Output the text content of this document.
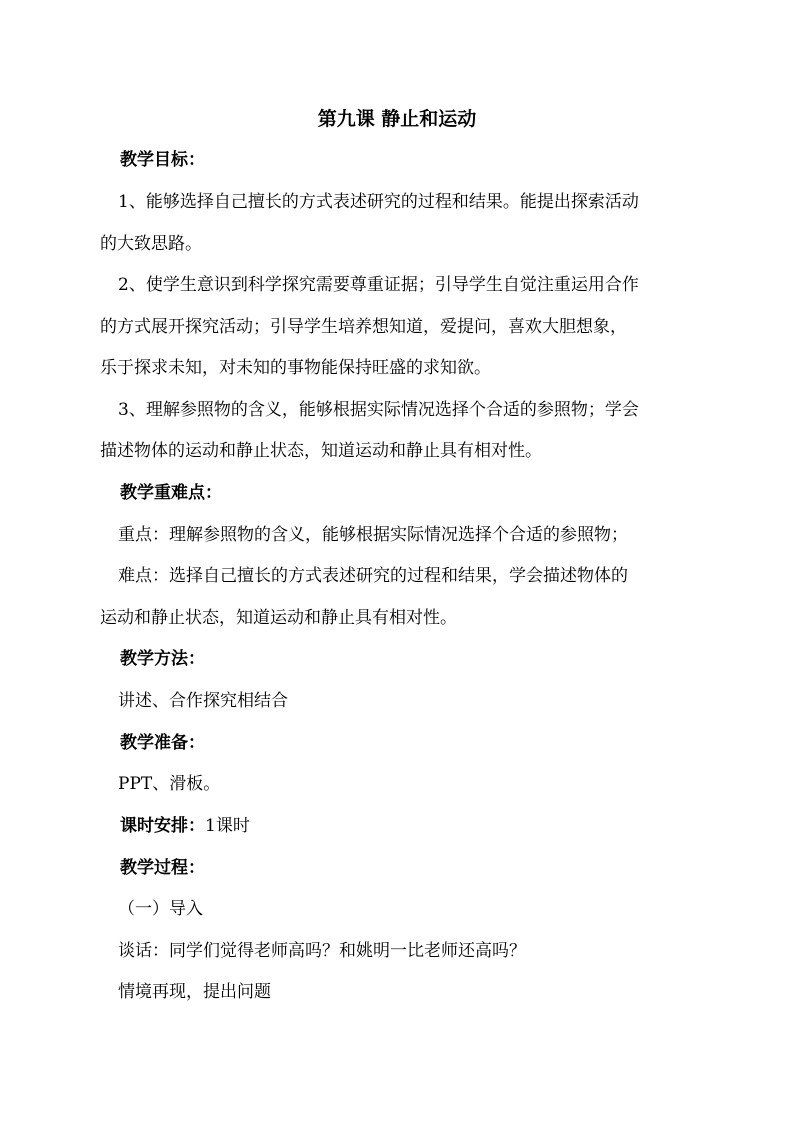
第九课 静止和运动
教学目标：
1、能够选择自己擅长的方式表述研究的过程和结果。能提出探索活动
的大致思路。
2、使学生意识到科学探究需要尊重证据；引导学生自觉注重运用合作
的方式展开探究活动；引导学生培养想知道，爱提问，喜欢大胆想象，
乐于探求未知，对未知的事物能保持旺盛的求知欲。
3、理解参照物的含义，能够根据实际情况选择个合适的参照物；学会
描述物体的运动和静止状态，知道运动和静止具有相对性。
教学重难点：
重点：理解参照物的含义，能够根据实际情况选择个合适的参照物；
难点：选择自己擅长的方式表述研究的过程和结果，学会描述物体的
运动和静止状态，知道运动和静止具有相对性。
教学方法：
讲述、合作探究相结合
教学准备：
PPT、滑板。
课时安排：1课时
教学过程：
（一）导入
谈话：同学们觉得老师高吗？和姚明一比老师还高吗？
情境再现，提出问题
